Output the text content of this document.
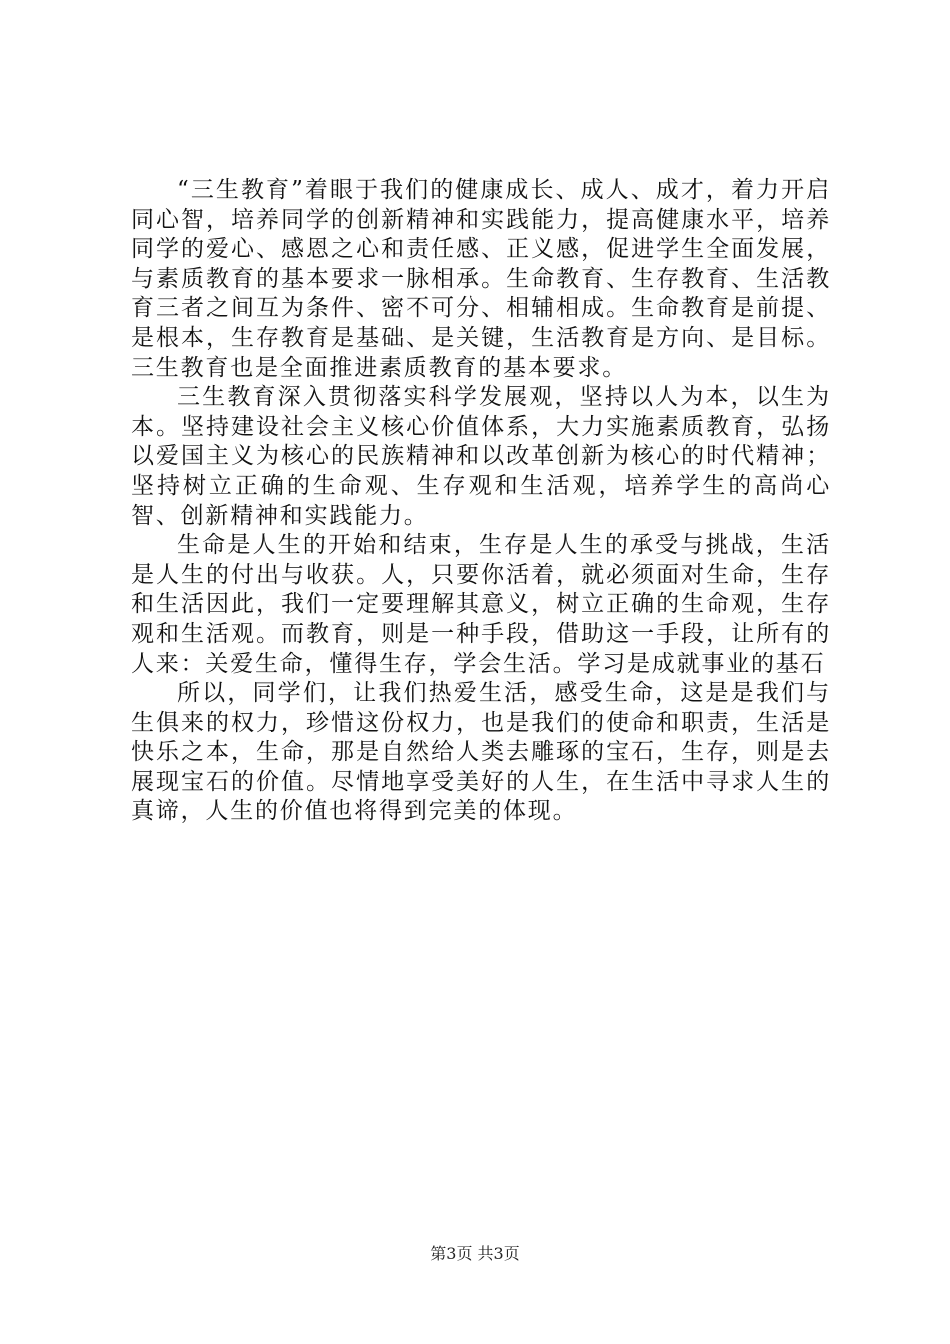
“三生教育”着眼于我们的健康成长、成人、成才，着力开启同心智，培养同学的创新精神和实践能力，提高健康水平，培养同学的爱心、感恩之心和责任感、正义感，促进学生全面发展，与素质教育的基本要求一脉相承。生命教育、生存教育、生活教育三者之间互为条件、密不可分、相辅相成。生命教育是前提、是根本，生存教育是基础、是关键，生活教育是方向、是目标。三生教育也是全面推进素质教育的基本要求。

三生教育深入贯彻落实科学发展观，坚持以人为本，以生为本。坚持建设社会主义核心价值体系，大力实施素质教育，弘扬以爱国主义为核心的民族精神和以改革创新为核心的时代精神；坚持树立正确的生命观、生存观和生活观，培养学生的高尚心智、创新精神和实践能力。

生命是人生的开始和结束，生存是人生的承受与挑战，生活是人生的付出与收获。人，只要你活着，就必须面对生命，生存和生活因此，我们一定要理解其意义，树立正确的生命观，生存观和生活观。而教育，则是一种手段，借助这一手段，让所有的人来：关爱生命，懂得生存，学会生活。学习是成就事业的基石

所以，同学们，让我们热爱生活，感受生命，这是是我们与生俱来的权力，珍惜这份权力，也是我们的使命和职责，生活是快乐之本，生命，那是自然给人类去雕琢的宝石，生存，则是去展现宝石的价值。尽情地享受美好的人生，在生活中寻求人生的真谛，人生的价值也将得到完美的体现。

第3页 共3页
